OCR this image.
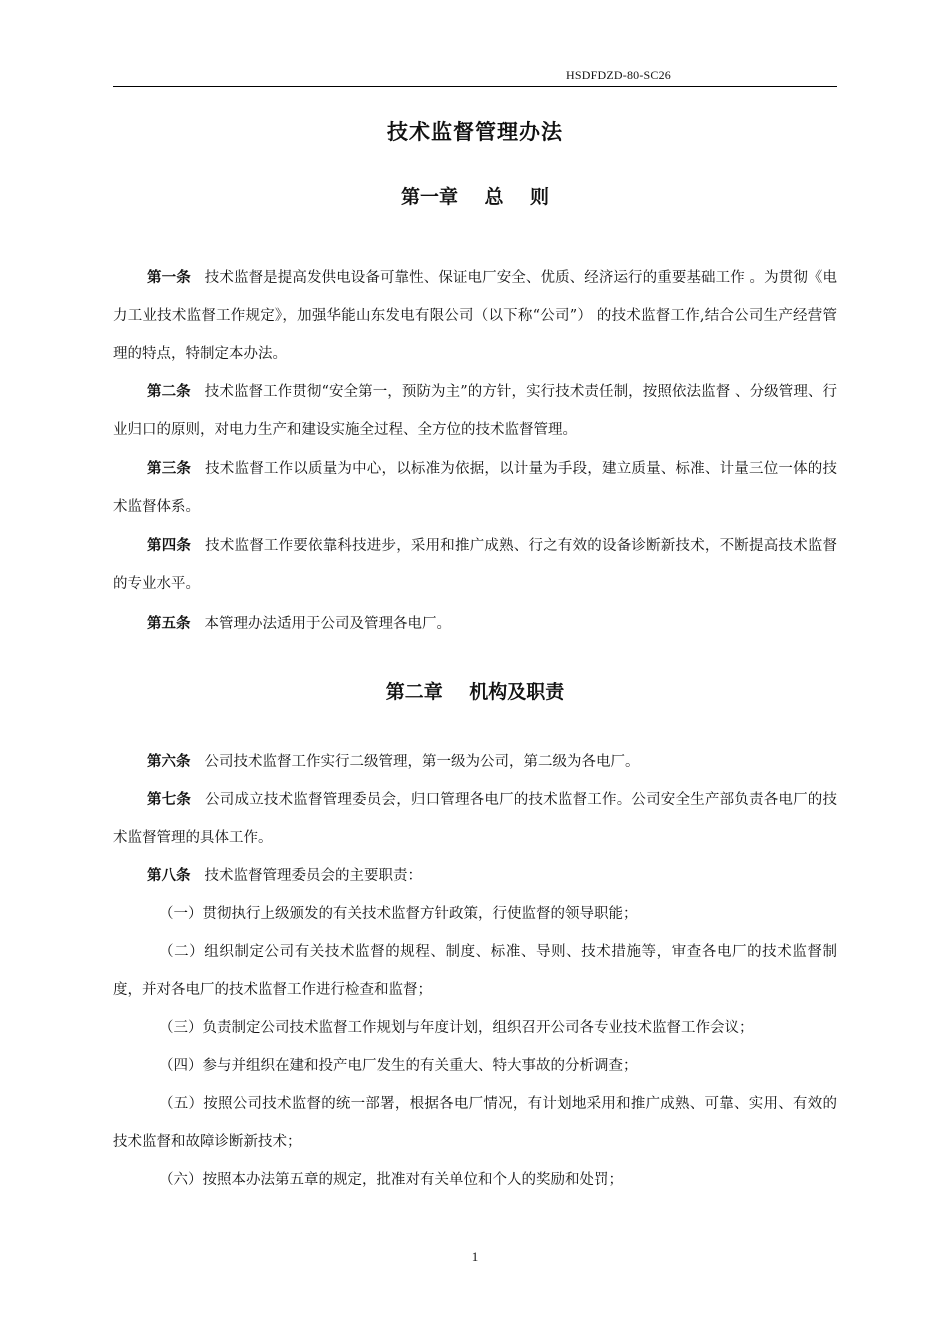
HSDFDZD-80-SC26
技术监督管理办法
第一章    总    则
第一条 技术监督是提高发供电设备可靠性、保证电厂安全、优质、经济运行的重要基础工作 。为贯彻《电力工业技术监督工作规定》，加强华能山东发电有限公司（以下称“公司”） 的技术监督工作,结合公司生产经营管理的特点，特制定本办法。
第二条 技术监督工作贯彻“安全第一，预防为主”的方针，实行技术责任制，按照依法监督 、分级管理、行业归口的原则，对电力生产和建设实施全过程、全方位的技术监督管理。
第三条 技术监督工作以质量为中心，以标准为依据，以计量为手段，建立质量、标准、计量三位一体的技术监督体系。
第四条 技术监督工作要依靠科技进步，采用和推广成熟、行之有效的设备诊断新技术，不断提高技术监督的专业水平。
第五条 本管理办法适用于公司及管理各电厂。
第二章    机构及职责
第六条 公司技术监督工作实行二级管理，第一级为公司，第二级为各电厂。
第七条 公司成立技术监督管理委员会，归口管理各电厂的技术监督工作。公司安全生产部负责各电厂的技术监督管理的具体工作。
第八条 技术监督管理委员会的主要职责：
（一）贯彻执行上级颁发的有关技术监督方针政策，行使监督的领导职能；
（二）组织制定公司有关技术监督的规程、制度、标准、导则、技术措施等，审查各电厂的技术监督制度，并对各电厂的技术监督工作进行检查和监督；
（三）负责制定公司技术监督工作规划与年度计划，组织召开公司各专业技术监督工作会议；
（四）参与并组织在建和投产电厂发生的有关重大、特大事故的分析调查；
（五）按照公司技术监督的统一部署，根据各电厂情况，有计划地采用和推广成熟、可靠、实用、有效的技术监督和故障诊断新技术；
（六）按照本办法第五章的规定，批准对有关单位和个人的奖励和处罚；
1
